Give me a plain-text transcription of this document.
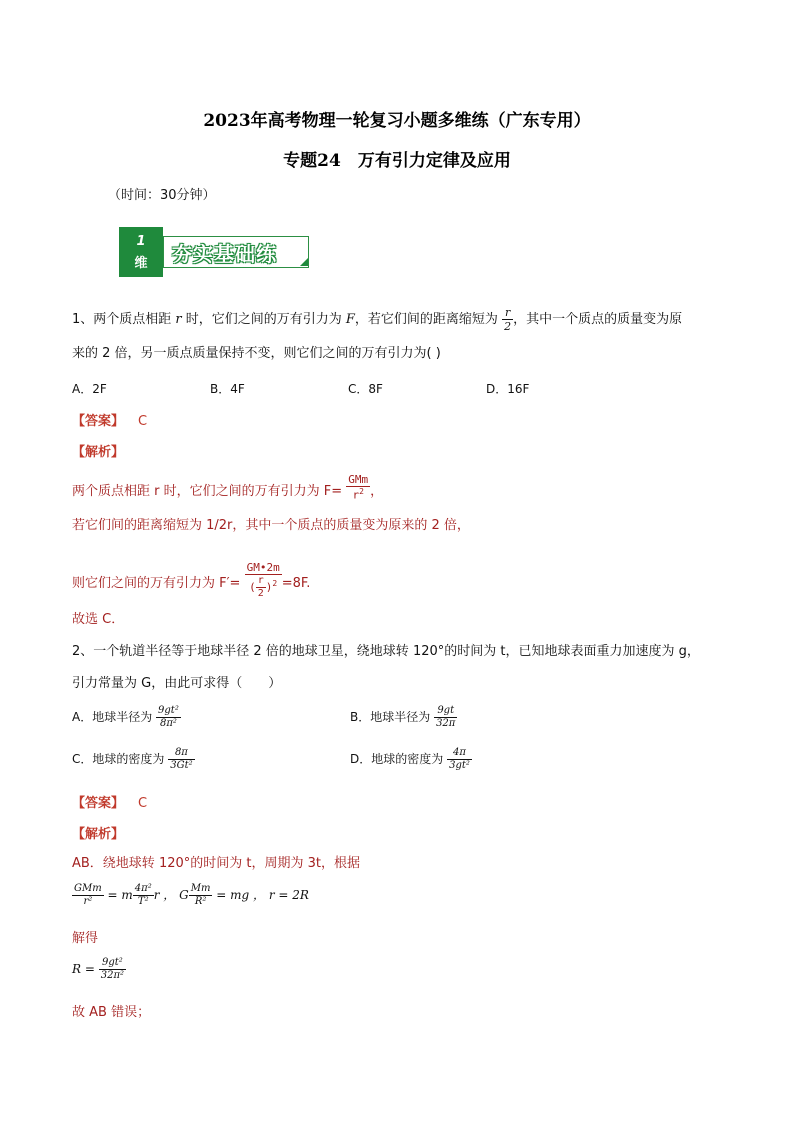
2023年高考物理一轮复习小题多维练（广东专用）
专题24　万有引力定律及应用
（时间：30分钟）
1
维	夯实基础练
1、两个质点相距 r 时，它们之间的万有引力为 F，若它们间的距离缩短为 $\frac{r}{2}$ ，其中一个质点的质量变为原
来的 2 倍，另一质点质量保持不变，则它们之间的万有引力为( )
A．2F	B．4F	C．8F	D．16F
【答案】 C
【解析】
两个质点相距 r 时，它们之间的万有引力为 $F= \frac{\text{GMm}}{r^2}$ ，
若它们间的距离缩短为 1/2r，其中一个质点的质量变为原来的 2 倍，
则它们之间的万有引力为 $F'= \frac{GM•2m}{( \frac{r}{2} )^2} =8F$.
故选 C．
2、一个轨道半径等于地球半径 2 倍的地球卫星，绕地球转 120°的时间为 t，已知地球表面重力加速度为 g，
引力常量为 G，由此可求得（　　）
A．地球半径为 $\frac{\text{9gt²}}{\text{8π²}}$	B．地球半径为 $\frac{9gt}{32\pi}$
C．地球的密度为 $\frac{8\pi}{\text{3Gt²}}$	D．地球的密度为 $\frac{4\pi}{\text{3gt²}}$
【答案】 C
【解析】
AB．绕地球转 120°的时间为 t，周期为 3t，根据
$\frac{\text{GMm}}{\text{r²}} = m \frac{\text{4π²}}{\text{T²}}$ r ， G $\frac{Mm}{\text{R²}}$ = mg ， r = 2R
解得
$R = \frac{\text{9gt²}}{\text{32π²}}$
故 AB 错误；
